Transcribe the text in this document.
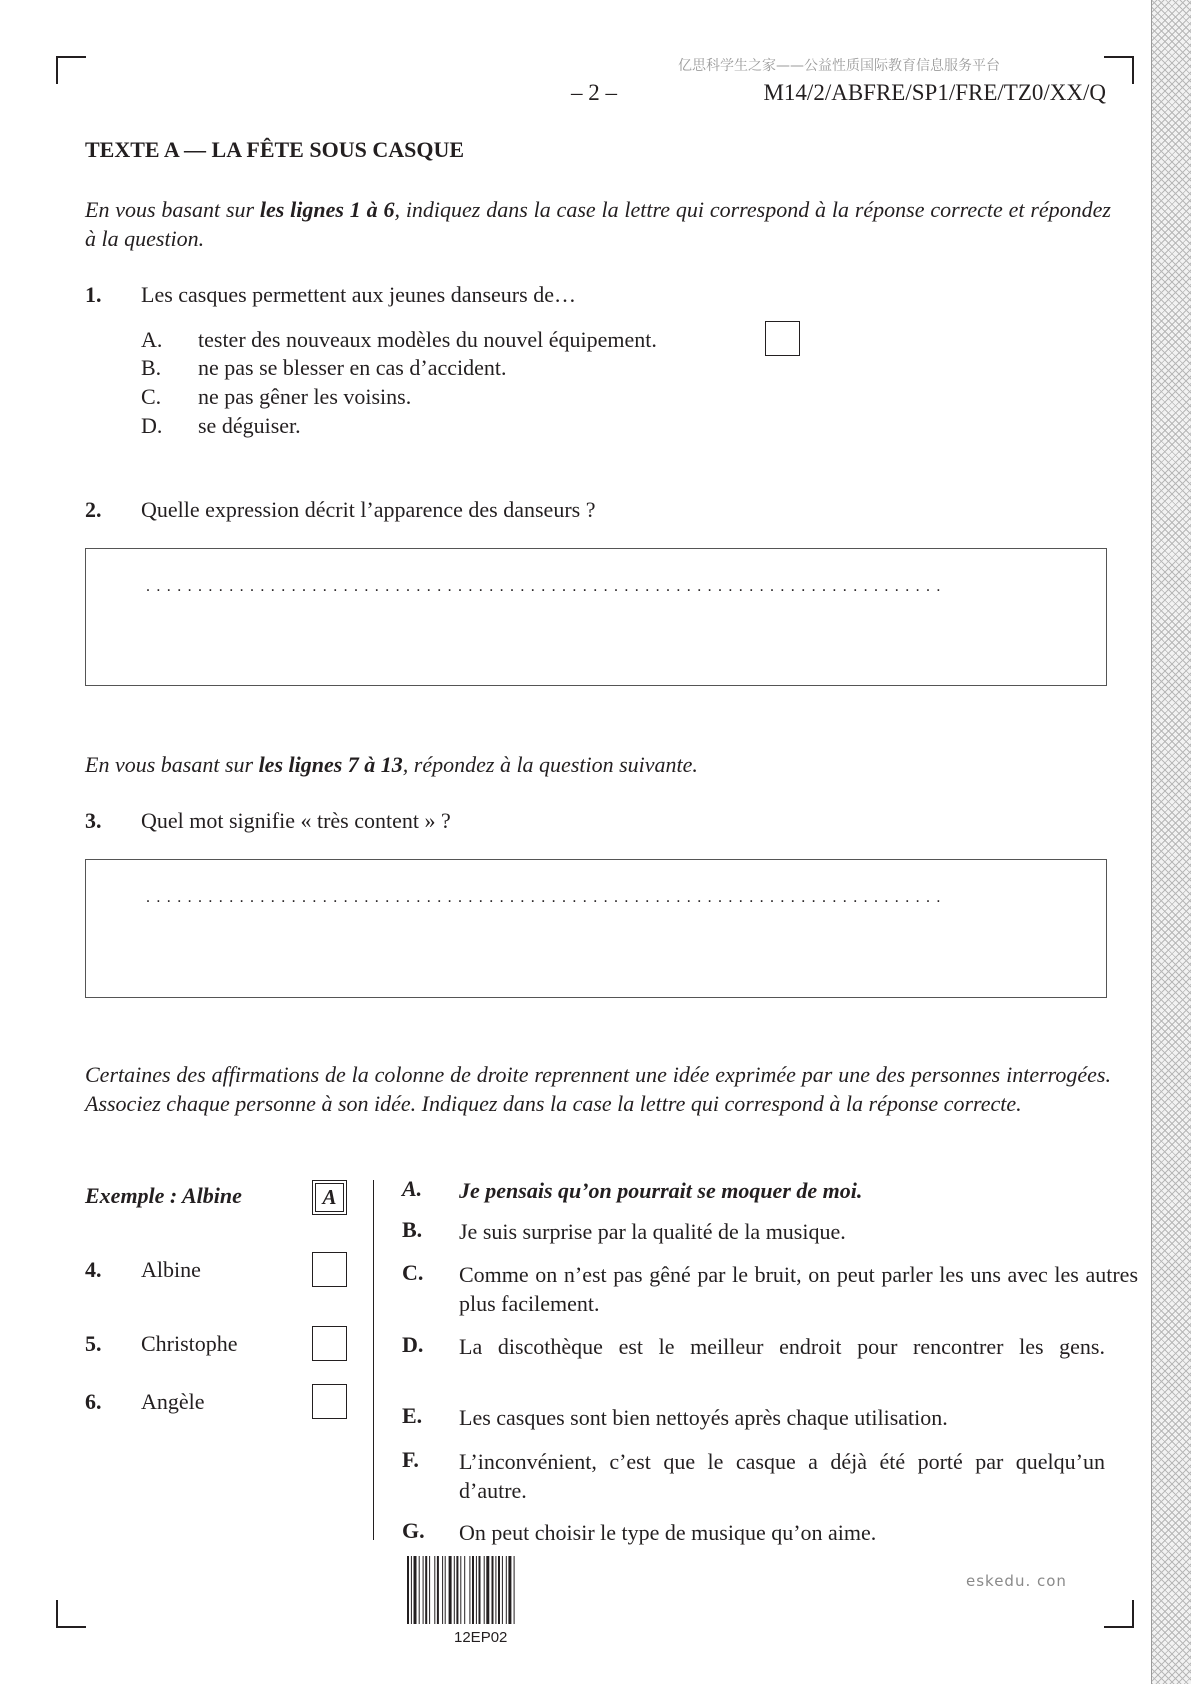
亿思科学生之家——公益性质国际教育信息服务平台
– 2 –	M14/2/ABFRE/SP1/FRE/TZ0/XX/Q
TEXTE A — LA FÊTE SOUS CASQUE
En vous basant sur les lignes 1 à 6, indiquez dans la case la lettre qui correspond à la réponse correcte et répondez à la question.
1. Les casques permettent aux jeunes danseurs de…
A. tester des nouveaux modèles du nouvel équipement.
B. ne pas se blesser en cas d’accident.
C. ne pas gêner les voisins.
D. se déguiser.
2. Quelle expression décrit l’apparence des danseurs ?
.............................................................................
En vous basant sur les lignes 7 à 13, répondez à la question suivante.
3. Quel mot signifie « très content » ?
.............................................................................
Certaines des affirmations de la colonne de droite reprennent une idée exprimée par une des personnes interrogées. Associez chaque personne à son idée. Indiquez dans la case la lettre qui correspond à la réponse correcte.
Exemple : Albine	A
4. Albine
5. Christophe
6. Angèle
A. Je pensais qu’on pourrait se moquer de moi.
B. Je suis surprise par la qualité de la musique.
C. Comme on n’est pas gêné par le bruit, on peut parler les uns avec les autres plus facilement.
D. La discothèque est le meilleur endroit pour rencontrer les gens.
E. Les casques sont bien nettoyés après chaque utilisation.
F. L’inconvénient, c’est que le casque a déjà été porté par quelqu’un d’autre.
G. On peut choisir le type de musique qu’on aime.
12EP02
eskedu. con
